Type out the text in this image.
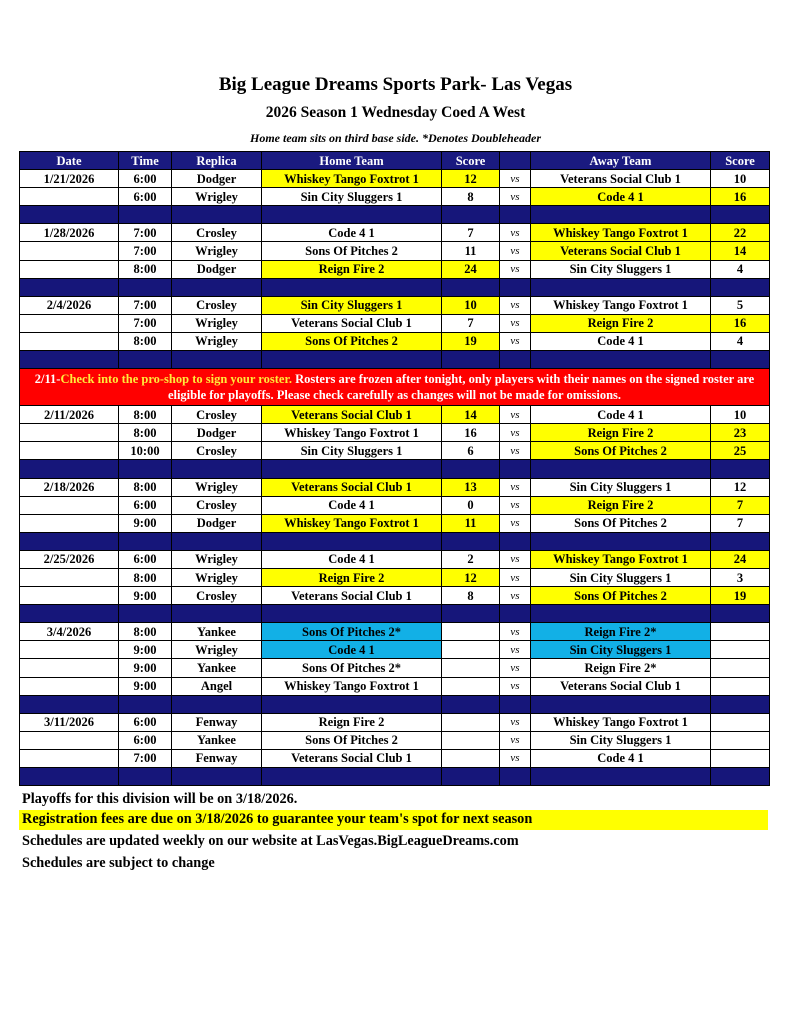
Big League Dreams Sports Park- Las Vegas
2026 Season 1 Wednesday Coed A West
Home team sits on third base side. *Denotes Doubleheader
Date	Time	Replica	Home Team	Score		Away Team	Score
1/21/2026	6:00	Dodger	Whiskey Tango Foxtrot 1	12	vs	Veterans Social Club 1	10
	6:00	Wrigley	Sin City Sluggers 1	8	vs	Code 4 1	16

1/28/2026	7:00	Crosley	Code 4 1	7	vs	Whiskey Tango Foxtrot 1	22
	7:00	Wrigley	Sons Of Pitches 2	11	vs	Veterans Social Club 1	14
	8:00	Dodger	Reign Fire 2	24	vs	Sin City Sluggers 1	4

2/4/2026	7:00	Crosley	Sin City Sluggers 1	10	vs	Whiskey Tango Foxtrot 1	5
	7:00	Wrigley	Veterans Social Club 1	7	vs	Reign Fire 2	16
	8:00	Wrigley	Sons Of Pitches 2	19	vs	Code 4 1	4

2/11-Check into the pro-shop to sign your roster. Rosters are frozen after tonight, only players with their names on the signed roster are eligible for playoffs. Please check carefully as changes will not be made for omissions.							
2/11/2026	8:00	Crosley	Veterans Social Club 1	14	vs	Code 4 1	10
	8:00	Dodger	Whiskey Tango Foxtrot 1	16	vs	Reign Fire 2	23
	10:00	Crosley	Sin City Sluggers 1	6	vs	Sons Of Pitches 2	25

2/18/2026	8:00	Wrigley	Veterans Social Club 1	13	vs	Sin City Sluggers 1	12
	6:00	Crosley	Code 4 1	0	vs	Reign Fire 2	7
	9:00	Dodger	Whiskey Tango Foxtrot 1	11	vs	Sons Of Pitches 2	7

2/25/2026	6:00	Wrigley	Code 4 1	2	vs	Whiskey Tango Foxtrot 1	24
	8:00	Wrigley	Reign Fire 2	12	vs	Sin City Sluggers 1	3
	9:00	Crosley	Veterans Social Club 1	8	vs	Sons Of Pitches 2	19

3/4/2026	8:00	Yankee	Sons Of Pitches 2*		vs	Reign Fire 2*	
	9:00	Wrigley	Code 4 1		vs	Sin City Sluggers 1	
	9:00	Yankee	Sons Of Pitches 2*		vs	Reign Fire 2*	
	9:00	Angel	Whiskey Tango Foxtrot 1		vs	Veterans Social Club 1	

3/11/2026	6:00	Fenway	Reign Fire 2		vs	Whiskey Tango Foxtrot 1	
	6:00	Yankee	Sons Of Pitches 2		vs	Sin City Sluggers 1	
	7:00	Fenway	Veterans Social Club 1		vs	Code 4 1	

Playoffs for this division will be on 3/18/2026.
Registration fees are due on 3/18/2026 to guarantee your team's spot for next season
Schedules are updated weekly on our website at LasVegas.BigLeagueDreams.com
Schedules are subject to change
